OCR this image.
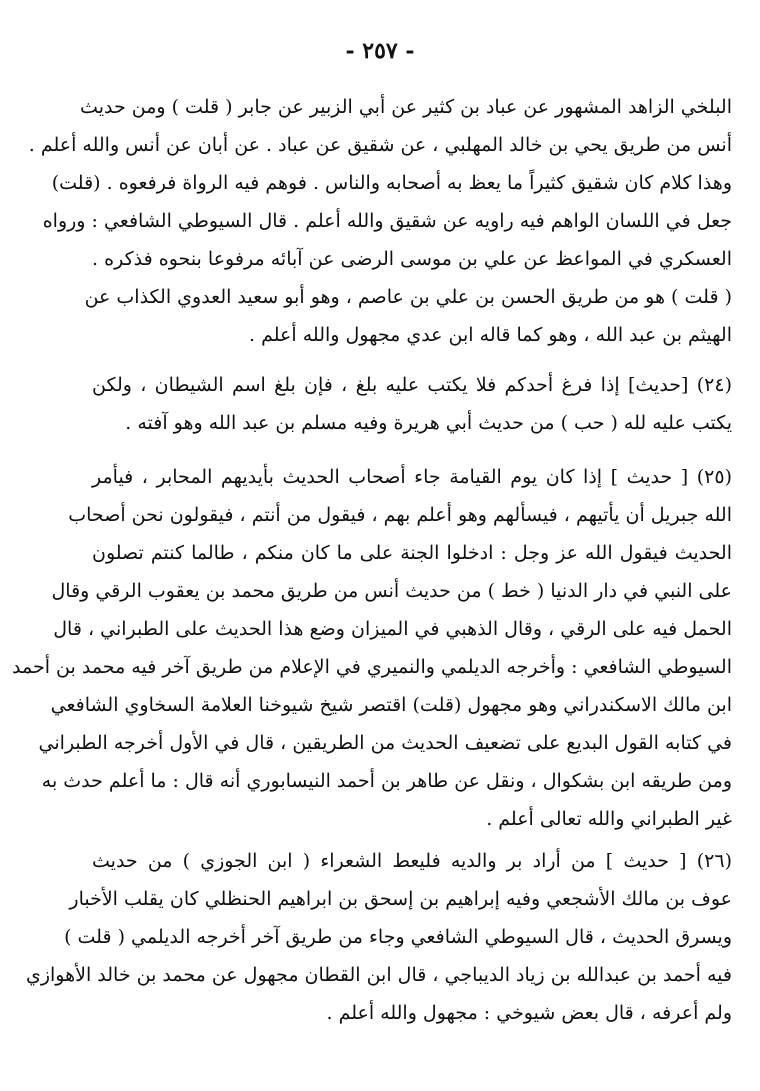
- ٢٥٧ -
البلخي الزاهد المشهور عن عباد بن كثير عن أبي الزبير عن جابر ( قلت ) ومن حديث
أنس من طريق يحي بن خالد المهلبي ، عن شقيق عن عباد . عن أبان عن أنس والله أعلم .
وهذا كلام كان شقيق كثيراً ما يعظ به أصحابه والناس . فوهم فيه الرواة فرفعوه . (قلت)
جعل في اللسان الواهم فيه راويه عن شقيق والله أعلم . قال السيوطي الشافعي : ورواه
العسكري في المواعظ عن علي بن موسى الرضى عن آبائه مرفوعا بنحوه فذكره .
( قلت ) هو من طريق الحسن بن علي بن عاصم ، وهو أبو سعيد العدوي الكذاب عن
الهيثم بن عبد الله ، وهو كما قاله ابن عدي مجهول والله أعلم .
(٢٤) [حديث] إذا فرغ أحدكم فلا يكتب عليه بلغ ، فإن بلغ اسم الشيطان ، ولكن
يكتب عليه لله ( حب ) من حديث أبي هريرة وفيه مسلم بن عبد الله وهو آفته .
(٢٥) [ حديث ] إذا كان يوم القيامة جاء أصحاب الحديث بأيديهم المحابر ، فيأمر
الله جبريل أن يأتيهم ، فيسألهم وهو أعلم بهم ، فيقول من أنتم ، فيقولون نحن أصحاب
الحديث فيقول الله عز وجل : ادخلوا الجنة على ما كان منكم ، طالما كنتم تصلون
على النبي في دار الدنيا ( خط ) من حديث أنس من طريق محمد بن يعقوب الرقي وقال
الحمل فيه على الرقي ، وقال الذهبي في الميزان وضع هذا الحديث على الطبراني ، قال
السيوطي الشافعي : وأخرجه الديلمي والنميري في الإعلام من طريق آخر فيه محمد بن أحمد
ابن مالك الاسكندراني وهو مجهول (قلت) اقتصر شيخ شيوخنا العلامة السخاوي الشافعي
في كتابه القول البديع على تضعيف الحديث من الطريقين ، قال في الأول أخرجه الطبراني
ومن طريقه ابن بشكوال ، ونقل عن طاهر بن أحمد النيسابوري أنه قال : ما أعلم حدث به
غير الطبراني والله تعالى أعلم .
(٢٦) [ حديث ] من أراد بر والديه فليعط الشعراء ( ابن الجوزي ) من حديث
عوف بن مالك الأشجعي وفيه إبراهيم بن إسحق بن ابراهيم الحنظلي كان يقلب الأخبار
ويسرق الحديث ، قال السيوطي الشافعي وجاء من طريق آخر أخرجه الديلمي ( قلت )
فيه أحمد بن عبدالله بن زياد الديباجي ، قال ابن القطان مجهول عن محمد بن خالد الأهوازي
ولم أعرفه ، قال بعض شيوخي : مجهول والله أعلم .
